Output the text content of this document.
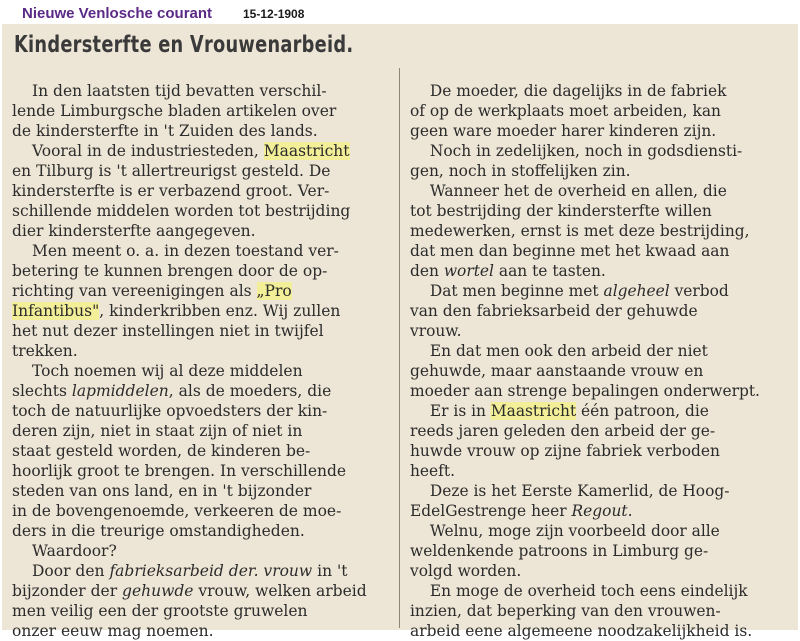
Nieuwe Venlosche courant	15-12-1908
Kindersterfte en Vrouwenarbeid.
In den laatsten tijd bevatten verschil-
lende Limburgsche bladen artikelen over
de kindersterfte in 't Zuiden des lands.
Vooral in de industriesteden, Maastricht
en Tilburg is 't allertreurigst gesteld. De
kindersterfte is er verbazend groot. Ver-
schillende middelen worden tot bestrijding
dier kindersterfte aangegeven.
Men meent o. a. in dezen toestand ver-
betering te kunnen brengen door de op-
richting van vereenigingen als „Pro
Infantibus", kinderkribben enz. Wij zullen
het nut dezer instellingen niet in twijfel
trekken.
Toch noemen wij al deze middelen
slechts lapmiddelen, als de moeders, die
toch de natuurlijke opvoedsters der kin-
deren zijn, niet in staat zijn of niet in
staat gesteld worden, de kinderen be-
hoorlijk groot te brengen. In verschillende
steden van ons land, en in 't bijzonder
in de bovengenoemde, verkeeren de moe-
ders in die treurige omstandigheden.
Waardoor?
Door den fabrieksarbeid der. vrouw in 't
bijzonder der gehuwde vrouw, welken arbeid
men veilig een der grootste gruwelen
onzer eeuw mag noemen.
De moeder, die dagelijks in de fabriek
of op de werkplaats moet arbeiden, kan
geen ware moeder harer kinderen zijn.
Noch in zedelijken, noch in godsdiensti-
gen, noch in stoffelijken zin.
Wanneer het de overheid en allen, die
tot bestrijding der kindersterfte willen
medewerken, ernst is met deze bestrijding,
dat men dan beginne met het kwaad aan
den wortel aan te tasten.
Dat men beginne met algeheel verbod
van den fabrieksarbeid der gehuwde
vrouw.
En dat men ook den arbeid der niet
gehuwde, maar aanstaande vrouw en
moeder aan strenge bepalingen onderwerpt.
Er is in Maastricht één patroon, die
reeds jaren geleden den arbeid der ge-
huwde vrouw op zijne fabriek verboden
heeft.
Deze is het Eerste Kamerlid, de Hoog-
EdelGestrenge heer Regout.
Welnu, moge zijn voorbeeld door alle
weldenkende patroons in Limburg ge-
volgd worden.
En moge de overheid toch eens eindelijk
inzien, dat beperking van den vrouwen-
arbeid eene algemeene noodzakelijkheid is.
